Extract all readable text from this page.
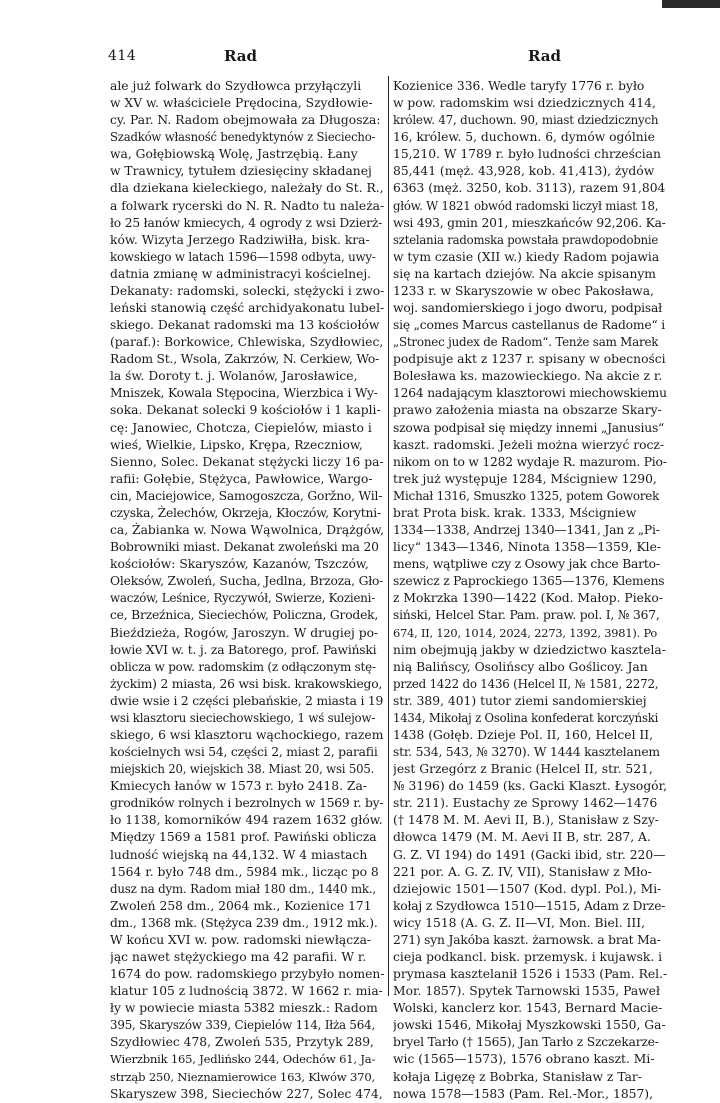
414	Rad	Rad
ale już folwark do Szydłowca przyłączyli
w XV w. właściciele Prędocina, Szydłowie-
cy. Par. N. Radom obejmowała za Długosza:
Szadków własność benedyktynów z Sieciecho-
wa, Gołębiowską Wolę, Jastrzębią. Łany
w Trawnicy, tytułem dziesięciny składanej
dla dziekana kieleckiego, należały do St. R.,
a folwark rycerski do N. R. Nadto tu należa-
ło 25 łanów kmiecych, 4 ogrody z wsi Dzierż-
ków. Wizyta Jerzego Radziwiłła, bisk. kra-
kowskiego w latach 1596—1598 odbyta, uwy-
datnia zmianę w administracyi kościelnej.
Dekanaty: radomski, solecki, stężycki i zwo-
leński stanowią część archidyakonatu lubel-
skiego. Dekanat radomski ma 13 kościołów
(paraf.): Borkowice, Chlewiska, Szydłowiec,
Radom St., Wsola, Zakrzów, N. Cerkiew, Wo-
la św. Doroty t. j. Wolanów, Jarosławice,
Mniszek, Kowala Stępocina, Wierzbica i Wy-
soka. Dekanat solecki 9 kościołów i 1 kapli-
cę: Janowiec, Chotcza, Ciepielów, miasto i
wieś, Wielkie, Lipsko, Krępa, Rzeczniow,
Sienno, Solec. Dekanat stężycki liczy 16 pa-
rafii: Gołębie, Stężyca, Pawłowice, Wargo-
cin, Maciejowice, Samogoszcza, Goržno, Wil-
czyska, Żelechów, Okrzeja, Kłoczów, Korytni-
ca, Żabianka w. Nowa Wąwolnica, Drążgów,
Bobrowniki miast. Dekanat zwoleński ma 20
kościołów: Skaryszów, Kazanów, Tszczów,
Oleksów, Zwoleń, Sucha, Jedlna, Brzoza, Gło-
waczów, Leśnice, Ryczywół, Swierze, Kozieni-
ce, Brzeźnica, Sieciechów, Policzna, Grodek,
Bieździeża, Rogów, Jaroszyn. W drugiej po-
łowie XVI w. t. j. za Batorego, prof. Pawiński
oblicza w pow. radomskim (z odłączonym stę-
życkim) 2 miasta, 26 wsi bisk. krakowskiego,
dwie wsie i 2 części plebańskie, 2 miasta i 19
wsi klasztoru sieciechowskiego, 1 wś sulejow-
skiego, 6 wsi klasztoru wąchockiego, razem
kościelnych wsi 54, części 2, miast 2, parafii
miejskich 20, wiejskich 38. Miast 20, wsi 505.
Kmiecych łanów w 1573 r. było 2418. Za-
grodników rolnych i bezrolnych w 1569 r. by-
ło 1138, komorników 494 razem 1632 głów.
Między 1569 a 1581 prof. Pawiński oblicza
ludność wiejską na 44,132. W 4 miastach
1564 r. było 748 dm., 5984 mk., licząc po 8
dusz na dym. Radom miał 180 dm., 1440 mk.,
Zwoleń 258 dm., 2064 mk., Kozienice 171
dm., 1368 mk. (Stężyca 239 dm., 1912 mk.).
W końcu XVI w. pow. radomski niewłącza-
jąc nawet stężyckiego ma 42 parafii. W r.
1674 do pow. radomskiego przybyło nomen-
klatur 105 z ludnością 3872. W 1662 r. mia-
ły w powiecie miasta 5382 mieszk.: Radom
395, Skaryszów 339, Ciepielów 114, Iłża 564,
Szydłowiec 478, Zwoleń 535, Przytyk 289,
Wierzbnik 165, Jedlińsko 244, Odechów 61, Ja-
strząb 250, Nieznamierowice 163, Klwów 370,
Skaryszew 398, Sieciechów 227, Solec 474,
Kozienice 336. Wedle taryfy 1776 r. było
w pow. radomskim wsi dziedzicznych 414,
królew. 47, duchown. 90, miast dziedzicznych
16, królew. 5, duchown. 6, dymów ogólnie
15,210. W 1789 r. było ludności chrześcian
85,441 (męż. 43,928, kob. 41,413), żydów
6363 (męż. 3250, kob. 3113), razem 91,804
głów. W 1821 obwód radomski liczył miast 18,
wsi 493, gmin 201, mieszkańców 92,206. Ka-
sztelania radomska powstała prawdopodobnie
w tym czasie (XII w.) kiedy Radom pojawia
się na kartach dziejów. Na akcie spisanym
1233 r. w Skaryszowie w obec Pakosława,
woj. sandomierskiego i jogo dworu, podpisał
się „comes Marcus castellanus de Radome“ i
„Stronec judex de Radom“. Tenże sam Marek
podpisuje akt z 1237 r. spisany w obecności
Bolesława ks. mazowieckiego. Na akcie z r.
1264 nadającym klasztorowi miechowskiemu
prawo założenia miasta na obszarze Skary-
szowa podpisał się między innemi „Janusius“
kaszt. radomski. Jeżeli można wierzyć rocz-
nikom on to w 1282 wydaje R. mazurom. Pio-
trek już występuje 1284, Mścigniew 1290,
Michał 1316, Smuszko 1325, potem Goworek
brat Prota bisk. krak. 1333, Mścigniew
1334—1338, Andrzej 1340—1341, Jan z „Pi-
licy“ 1343—1346, Ninota 1358—1359, Kle-
mens, wątpliwe czy z Osowy jak chce Barto-
szewicz z Paprockiego 1365—1376, Klemens
z Mokrzka 1390—1422 (Kod. Małop. Pieko-
siński, Helcel Star. Pam. praw. pol. I, № 367,
674, II, 120, 1014, 2024, 2273, 1392, 3981). Po
nim obejmują jakby w dziedzictwo kasztela-
nią Balińscy, Osolińscy albo Goślicoy. Jan
przed 1422 do 1436 (Helcel II, № 1581, 2272,
str. 389, 401) tutor ziemi sandomierskiej
1434, Mikołaj z Osolina konfederat korczyński
1438 (Gołęb. Dzieje Pol. II, 160, Helcel II,
str. 534, 543, № 3270). W 1444 kasztelanem
jest Grzegórz z Branic (Helcel II, str. 521,
№ 3196) do 1459 (ks. Gacki Klaszt. Łysogór,
str. 211). Eustachy ze Sprowy 1462—1476
(† 1478 M. M. Aevi II, B.), Stanisław z Szy-
dłowca 1479 (M. M. Aevi II B, str. 287, A.
G. Z. VI 194) do 1491 (Gacki ibid, str. 220—
221 por. A. G. Z. IV, VII), Stanisław z Mło-
dziejowic 1501—1507 (Kod. dypl. Pol.), Mi-
kołaj z Szydłowca 1510—1515, Adam z Drze-
wicy 1518 (A. G. Z. II—VI, Mon. Biel. III,
271) syn Jakóba kaszt. żarnowsk. a brat Ma-
cieja podkancl. bisk. przemysk. i kujawsk. i
prymasa kasztelanił 1526 i 1533 (Pam. Rel.-
Mor. 1857). Spytek Tarnowski 1535, Paweł
Wolski, kanclerz kor. 1543, Bernard Macie-
jowski 1546, Mikołaj Myszkowski 1550, Ga-
bryel Tarło († 1565), Jan Tarło z Szczekarze-
wic (1565—1573), 1576 obrano kaszt. Mi-
kołaja Ligęzę z Bobrka, Stanisław z Tar-
nowa 1578—1583 (Pam. Rel.-Mor., 1857),
